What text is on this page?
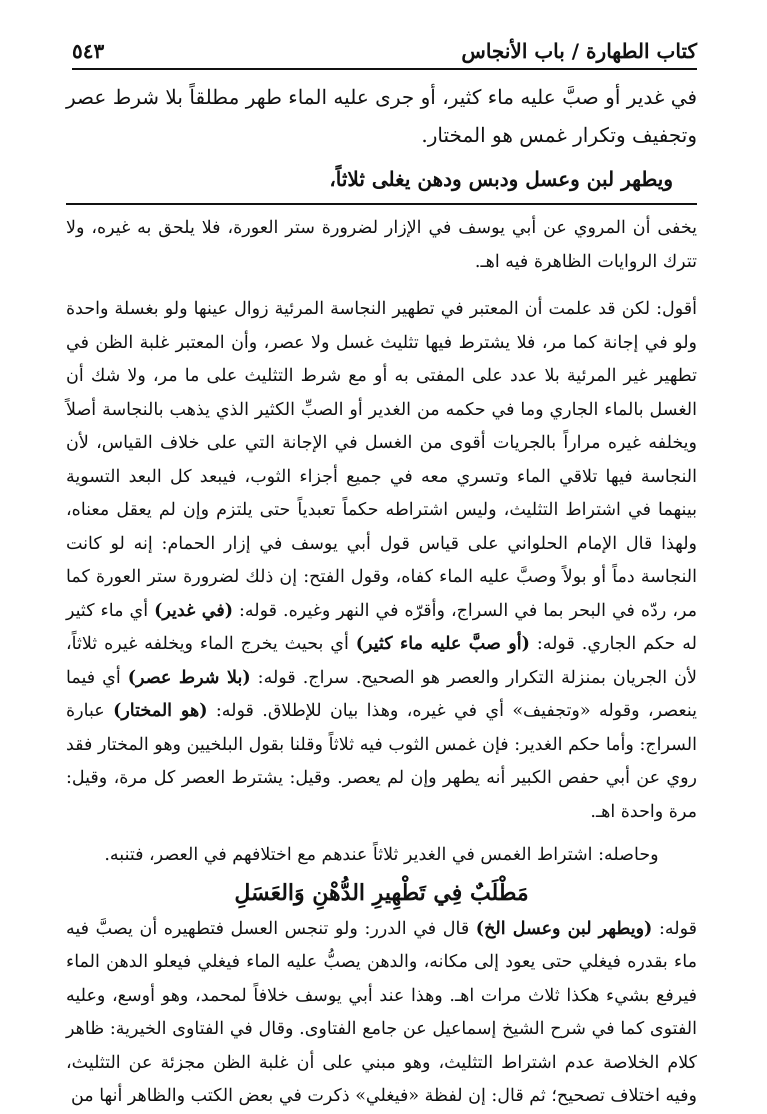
كتاب الطهارة / باب الأنجاس
٥٤٣

في غدير أو صبَّ عليه ماء كثير، أو جرى عليه الماء طهر مطلقاً بلا شرط عصر وتجفيف وتكرار غمس هو المختار.

ويطهر لبن وعسل ودبس ودهن يغلى ثلاثاً،

يخفى أن المروي عن أبي يوسف في الإزار لضرورة ستر العورة، فلا يلحق به غيره، ولا تترك الروايات الظاهرة فيه اهـ.

أقول: لكن قد علمت أن المعتبر في تطهير النجاسة المرئية زوال عينها ولو بغسلة واحدة ولو في إجانة كما مر، فلا يشترط فيها تثليث غسل ولا عصر، وأن المعتبر غلبة الظن في تطهير غير المرئية بلا عدد على المفتى به أو مع شرط التثليث على ما مر، ولا شك أن الغسل بالماء الجاري وما في حكمه من الغدير أو الصبِّ الكثير الذي يذهب بالنجاسة أصلاً ويخلفه غيره مراراً بالجريات أقوى من الغسل في الإجانة التي على خلاف القياس، لأن النجاسة فيها تلاقي الماء وتسري معه في جميع أجزاء الثوب، فيبعد كل البعد التسوية بينهما في اشتراط التثليث، وليس اشتراطه حكماً تعبدياً حتى يلتزم وإن لم يعقل معناه، ولهذا قال الإمام الحلواني على قياس قول أبي يوسف في إزار الحمام: إنه لو كانت النجاسة دماً أو بولاً وصبَّ عليه الماء كفاه، وقول الفتح: إن ذلك لضرورة ستر العورة كما مر، ردّه في البحر بما في السراج، وأقرّه في النهر وغيره. قوله: (في غدير) أي ماء كثير له حكم الجاري. قوله: (أو صبَّ عليه ماء كثير) أي بحيث يخرج الماء ويخلفه غيره ثلاثاً، لأن الجريان بمنزلة التكرار والعصر هو الصحيح. سراج. قوله: (بلا شرط عصر) أي فيما ينعصر، وقوله «وتجفيف» أي في غيره، وهذا بيان للإطلاق. قوله: (هو المختار) عبارة السراج: وأما حكم الغدير: فإن غمس الثوب فيه ثلاثاً وقلنا بقول البلخيين وهو المختار فقد روي عن أبي حفص الكبير أنه يطهر وإن لم يعصر. وقيل: يشترط العصر كل مرة، وقيل: مرة واحدة اهـ.

وحاصله: اشتراط الغمس في الغدير ثلاثاً عندهم مع اختلافهم في العصر، فتنبه.

مَطْلَبٌ فِي تَطْهِيرِ الدُّهْنِ وَالعَسَلِ

قوله: (ويطهر لبن وعسل الخ) قال في الدرر: ولو تنجس العسل فتطهيره أن يصبَّ فيه ماء بقدره فيغلي حتى يعود إلى مكانه، والدهن يصبُّ عليه الماء فيغلي فيعلو الدهن الماء فيرفع بشيء هكذا ثلاث مرات اهـ. وهذا عند أبي يوسف خلافاً لمحمد، وهو أوسع، وعليه الفتوى كما في شرح الشيخ إسماعيل عن جامع الفتاوى. وقال في الفتاوى الخيرية: ظاهر كلام الخلاصة عدم اشتراط التثليث، وهو مبني على أن غلبة الظن مجزئة عن التثليث، وفيه اختلاف تصحيح؛ ثم قال: إن لفظة «فيغلي» ذكرت في بعض الكتب والظاهر أنها من
